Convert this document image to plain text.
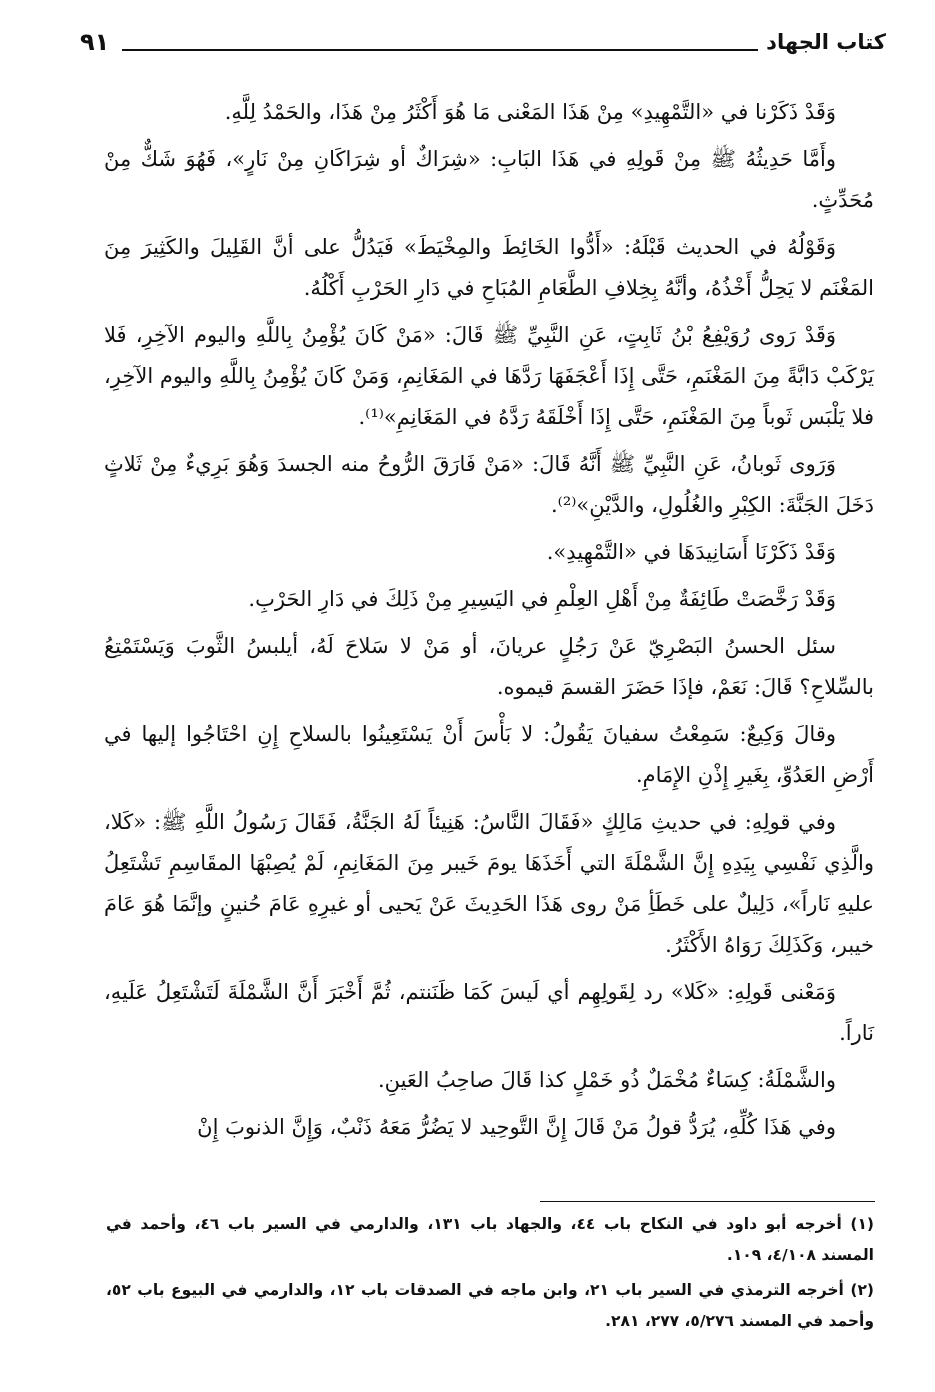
كتاب الجهاد
٩١

وَقَدْ ذَكَرْنا في «التَّمْهِيدِ» مِنْ هَذَا المَعْنى مَا هُوَ أَكْثَرُ مِنْ هَذَا، والحَمْدُ لِلَّهِ.

وأَمَّا حَدِيثُهُ ﷺ مِنْ قَولِهِ في هَذَا البَابِ: «شِرَاكٌ أو شِرَاكَانِ مِنْ نَارٍ»، فَهُوَ شَكٌّ مِنْ مُحَدِّثٍ.

وَقَوْلُهُ في الحديث قَبْلَهُ: «أَدُّوا الخَائِطَ والمِخْيَطَ» فَيَدُلُّ على أنَّ القَلِيلَ والكَثِيرَ مِنَ المَغْنَم لا يَحِلُّ أَخْذُهُ، وأنَّهُ بِخِلافِ الطَّعَامِ المُبَاحِ في دَارِ الحَرْبِ أَكْلُهُ.

وَقَدْ رَوى رُوَيْفِعُ بْنُ ثَابِتٍ، عَنِ النَّبِيِّ ﷺ قَالَ: «مَنْ كَانَ يُؤْمِنُ بِاللَّهِ واليوم الآخِرِ، فَلا يَرْكَبْ دَابَّةً مِنَ المَغْنَمِ، حَتَّى إِذَا أَعْجَفَهَا رَدَّهَا في المَغَانِمِ، وَمَنْ كَانَ يُؤْمِنُ بِاللَّهِ واليوم الآخِرِ، فلا يَلْبَس ثَوباً مِنَ المَغْنَمِ، حَتَّى إِذَا أَخْلَقَهُ رَدَّهُ في المَغَانِمِ»⁽¹⁾.

وَرَوى ثَوبانُ، عَنِ النَّبِيِّ ﷺ أَنَّهُ قَالَ: «مَنْ فَارَقَ الرُّوحُ منه الجسدَ وَهُوَ بَرِيءٌ مِنْ ثَلاثٍ دَخَلَ الجَنَّةَ: الكِبْرِ والغُلُولِ، والدَّيْنِ»⁽²⁾.

وَقَدْ ذَكَرْنَا أَسَانِيدَهَا في «التَّمْهِيدِ».

وَقَدْ رَخَّصَتْ طَائِفَةٌ مِنْ أَهْلِ العِلْمِ في اليَسِيرِ مِنْ ذَلِكَ في دَارِ الحَرْبِ.

سئل الحسنُ البَصْرِيّ عَنْ رَجُلٍ عريانَ، أو مَنْ لا سَلاحَ لَهُ، أيلبسُ الثَّوبَ وَيَسْتَمْتِعُ بالسِّلاحِ؟ قَالَ: نَعَمْ، فإذَا حَضَرَ القسمَ قيموه.

وقالَ وَكِيعٌ: سَمِعْتُ سفيانَ يَقُولُ: لا بَأْسَ أَنْ يَسْتَعِينُوا بالسلاحِ إِنِ احْتَاجُوا إليها في أَرْضِ العَدُوِّ، بِغَيرِ إِذْنِ الإِمَامِ.

وفي قولِهِ: في حديثِ مَالِكٍ «فَقَالَ النَّاسُ: هَنِيئاً لَهُ الجَنَّةُ، فَقَالَ رَسُولُ اللَّهِ ﷺ: «كَلا، والَّذِي نَفْسِي بِيَدِهِ إِنَّ الشَّمْلَةَ التي أَخَذَهَا يومَ خَيبر مِنَ المَغَانِمِ، لَمْ يُصِبْهَا المقَاسِمِ تَشْتَعِلُ عليهِ نَاراً»، دَلِيلٌ على خَطَأِ مَنْ روى هَذَا الحَدِيثَ عَنْ يَحيى أو غيرِهِ عَامَ حُنينٍ وإنَّمَا هُوَ عَامَ خيبر، وَكَذَلِكَ رَوَاهُ الأَكْثَرُ.

وَمَعْنى قَولِهِ: «كَلا» رد لِقَولِهِم أي لَيسَ كَمَا ظَنَنتم، ثُمَّ أَخْبَرَ أَنَّ الشَّمْلَةَ لَتَشْتَعِلُ عَلَيهِ، نَاراً.

والشَّمْلَةُ: كِسَاءٌ مُخْمَلٌ ذُو خَمْلٍ كذا قَالَ صاحِبُ العَينِ.

وفي هَذَا كُلِّهِ، يُرَدُّ قولُ مَنْ قَالَ إِنَّ التَّوحِيد لا يَضُرُّ مَعَهُ ذَنْبٌ، وَإِنَّ الذنوبَ إِنْ

(١) أخرجه أبو داود في النكاح باب ٤٤، والجهاد باب ١٣١، والدارمي في السير باب ٤٦، وأحمد في المسند ٤/١٠٨، ١٠٩.

(٢) أخرجه الترمذي في السير باب ٢١، وابن ماجه في الصدقات باب ١٢، والدارمي في البيوع باب ٥٢، وأحمد في المسند ٥/٢٧٦، ٢٧٧، ٢٨١.
